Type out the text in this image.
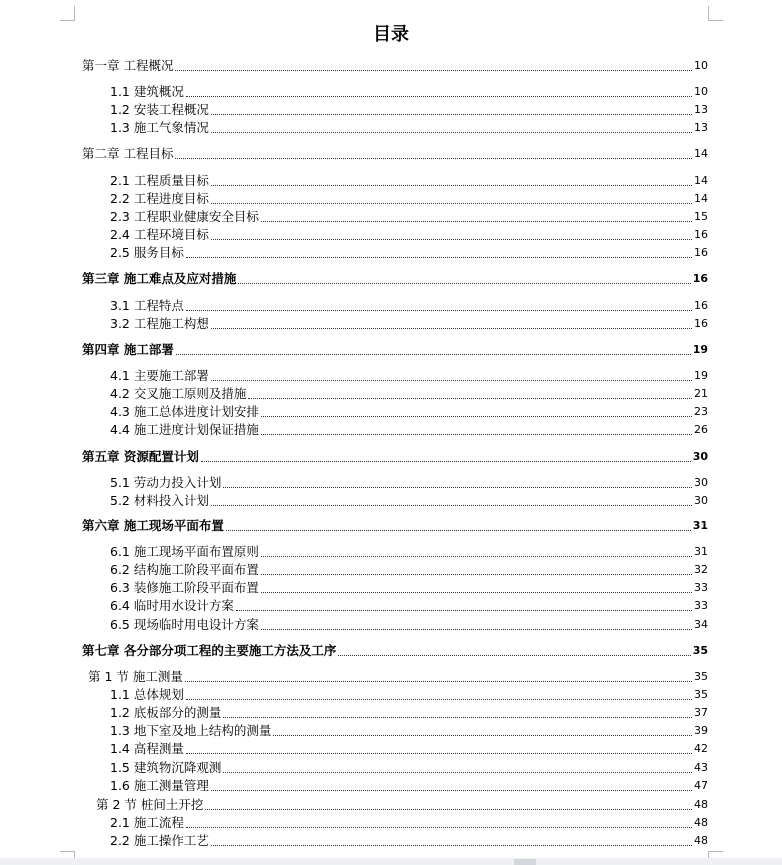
目录
第一章 工程概况	10
1.1 建筑概况	10
1.2 安装工程概况	13
1.3 施工气象情况	13
第二章 工程目标	14
2.1 工程质量目标	14
2.2 工程进度目标	14
2.3 工程职业健康安全目标	15
2.4 工程环境目标	16
2.5 服务目标	16
第三章 施工难点及应对措施	16
3.1 工程特点	16
3.2 工程施工构想	16
第四章 施工部署	19
4.1 主要施工部署	19
4.2 交叉施工原则及措施	21
4.3 施工总体进度计划安排	23
4.4 施工进度计划保证措施	26
第五章 资源配置计划	30
5.1 劳动力投入计划	30
5.2 材料投入计划	30
第六章 施工现场平面布置	31
6.1 施工现场平面布置原则	31
6.2 结构施工阶段平面布置	32
6.3 装修施工阶段平面布置	33
6.4 临时用水设计方案	33
6.5 现场临时用电设计方案	34
第七章 各分部分项工程的主要施工方法及工序	35
第 1 节 施工测量	35
1.1 总体规划	35
1.2 底板部分的测量	37
1.3 地下室及地上结构的测量	39
1.4 高程测量	42
1.5 建筑物沉降观测	43
1.6 施工测量管理	47
第 2 节 桩间土开挖	48
2.1 施工流程	48
2.2 施工操作工艺	48
